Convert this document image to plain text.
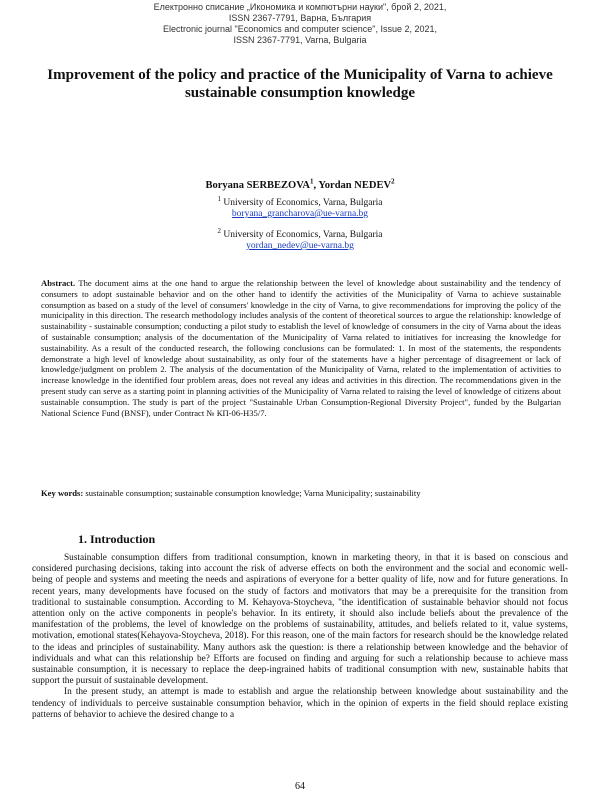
Електронно списание „Икономика и компютърни науки", брой 2, 2021,
ISSN 2367-7791, Варна, България
Electronic journal "Economics and computer science", Issue 2, 2021,
ISSN 2367-7791, Varna, Bulgaria
Improvement of the policy and practice of the Municipality of Varna to achieve sustainable consumption knowledge
Boryana SERBEZOVA$^1$, Yordan NEDEV$^2$
$^1$ University of Economics, Varna, Bulgaria
boryana_grancharova@ue-varna.bg
$^2$ University of Economics, Varna, Bulgaria
yordan_nedev@ue-varna.bg
Abstract. The document aims at the one hand to argue the relationship between the level of knowledge about sustainability and the tendency of consumers to adopt sustainable behavior and on the other hand to identify the activities of the Municipality of Varna to achieve sustainable consumption as based on a study of the level of consumers' knowledge in the city of Varna, to give recommendations for improving the policy of the municipality in this direction. The research methodology includes analysis of the content of theoretical sources to argue the relationship: knowledge of sustainability - sustainable consumption; conducting a pilot study to establish the level of knowledge of consumers in the city of Varna about the ideas of sustainable consumption; analysis of the documentation of the Municipality of Varna related to initiatives for increasing the knowledge for sustainability. As a result of the conducted research, the following conclusions can be formulated: 1. In most of the statements, the respondents demonstrate a high level of knowledge about sustainability, as only four of the statements have a higher percentage of disagreement or lack of knowledge/judgment on problem 2. The analysis of the documentation of the Municipality of Varna, related to the implementation of activities to increase knowledge in the identified four problem areas, does not reveal any ideas and activities in this direction. The recommendations given in the present study can serve as a starting point in planning activities of the Municipality of Varna related to raising the level of knowledge of citizens about sustainable consumption. The study is part of the project "Sustainable Urban Consumption-Regional Diversity Project", funded by the Bulgarian National Science Fund (BNSF), under Contract № КП-06-Н35/7.
Key words: sustainable consumption; sustainable consumption knowledge; Varna Municipality; sustainability
1. Introduction

Sustainable consumption differs from traditional consumption, known in marketing theory, in that it is based on conscious and considered purchasing decisions, taking into account the risk of adverse effects on both the environment and the social and economic well-being of people and systems and meeting the needs and aspirations of everyone for a better quality of life, now and for future generations. In recent years, many developments have focused on the study of factors and motivators that may be a prerequisite for the transition from traditional to sustainable consumption. According to M. Kehayova-Stoycheva, "the identification of sustainable behavior should not focus attention only on the active components in people's behavior. In its entirety, it should also include beliefs about the prevalence of the manifestation of the problems, the level of knowledge on the problems of sustainability, attitudes, and beliefs related to it, value systems, motivation, emotional states(Kehayova-Stoycheva, 2018). For this reason, one of the main factors for research should be the knowledge related to the ideas and principles of sustainability. Many authors ask the question: is there a relationship between knowledge and the behavior of individuals and what can this relationship be? Efforts are focused on finding and arguing for such a relationship because to achieve mass sustainable consumption, it is necessary to replace the deep-ingrained habits of traditional consumption with new, sustainable habits that support the pursuit of sustainable development.

In the present study, an attempt is made to establish and argue the relationship between knowledge about sustainability and the tendency of individuals to perceive sustainable consumption behavior, which in the opinion of experts in the field should replace existing patterns of behavior to achieve the desired change to a

64
